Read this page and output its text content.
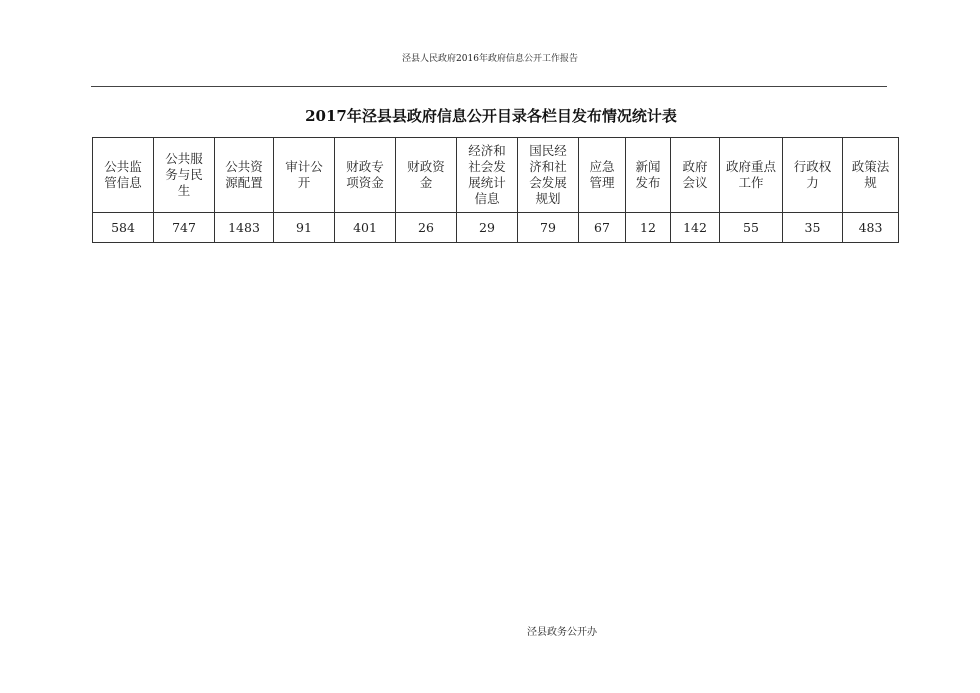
泾县人民政府2016年政府信息公开工作报告
2017年泾县县政府信息公开目录各栏目发布情况统计表
公共监管信息	公共服务与民生	公共资源配置	审计公开	财政专项资金	财政资金	经济和社会发展统计信息	国民经济和社会发展规划	应急管理	新闻发布	政府会议	政府重点工作	行政权力	政策法规
584	747	1483	91	401	26	29	79	67	12	142	55	35	483
泾县政务公开办
